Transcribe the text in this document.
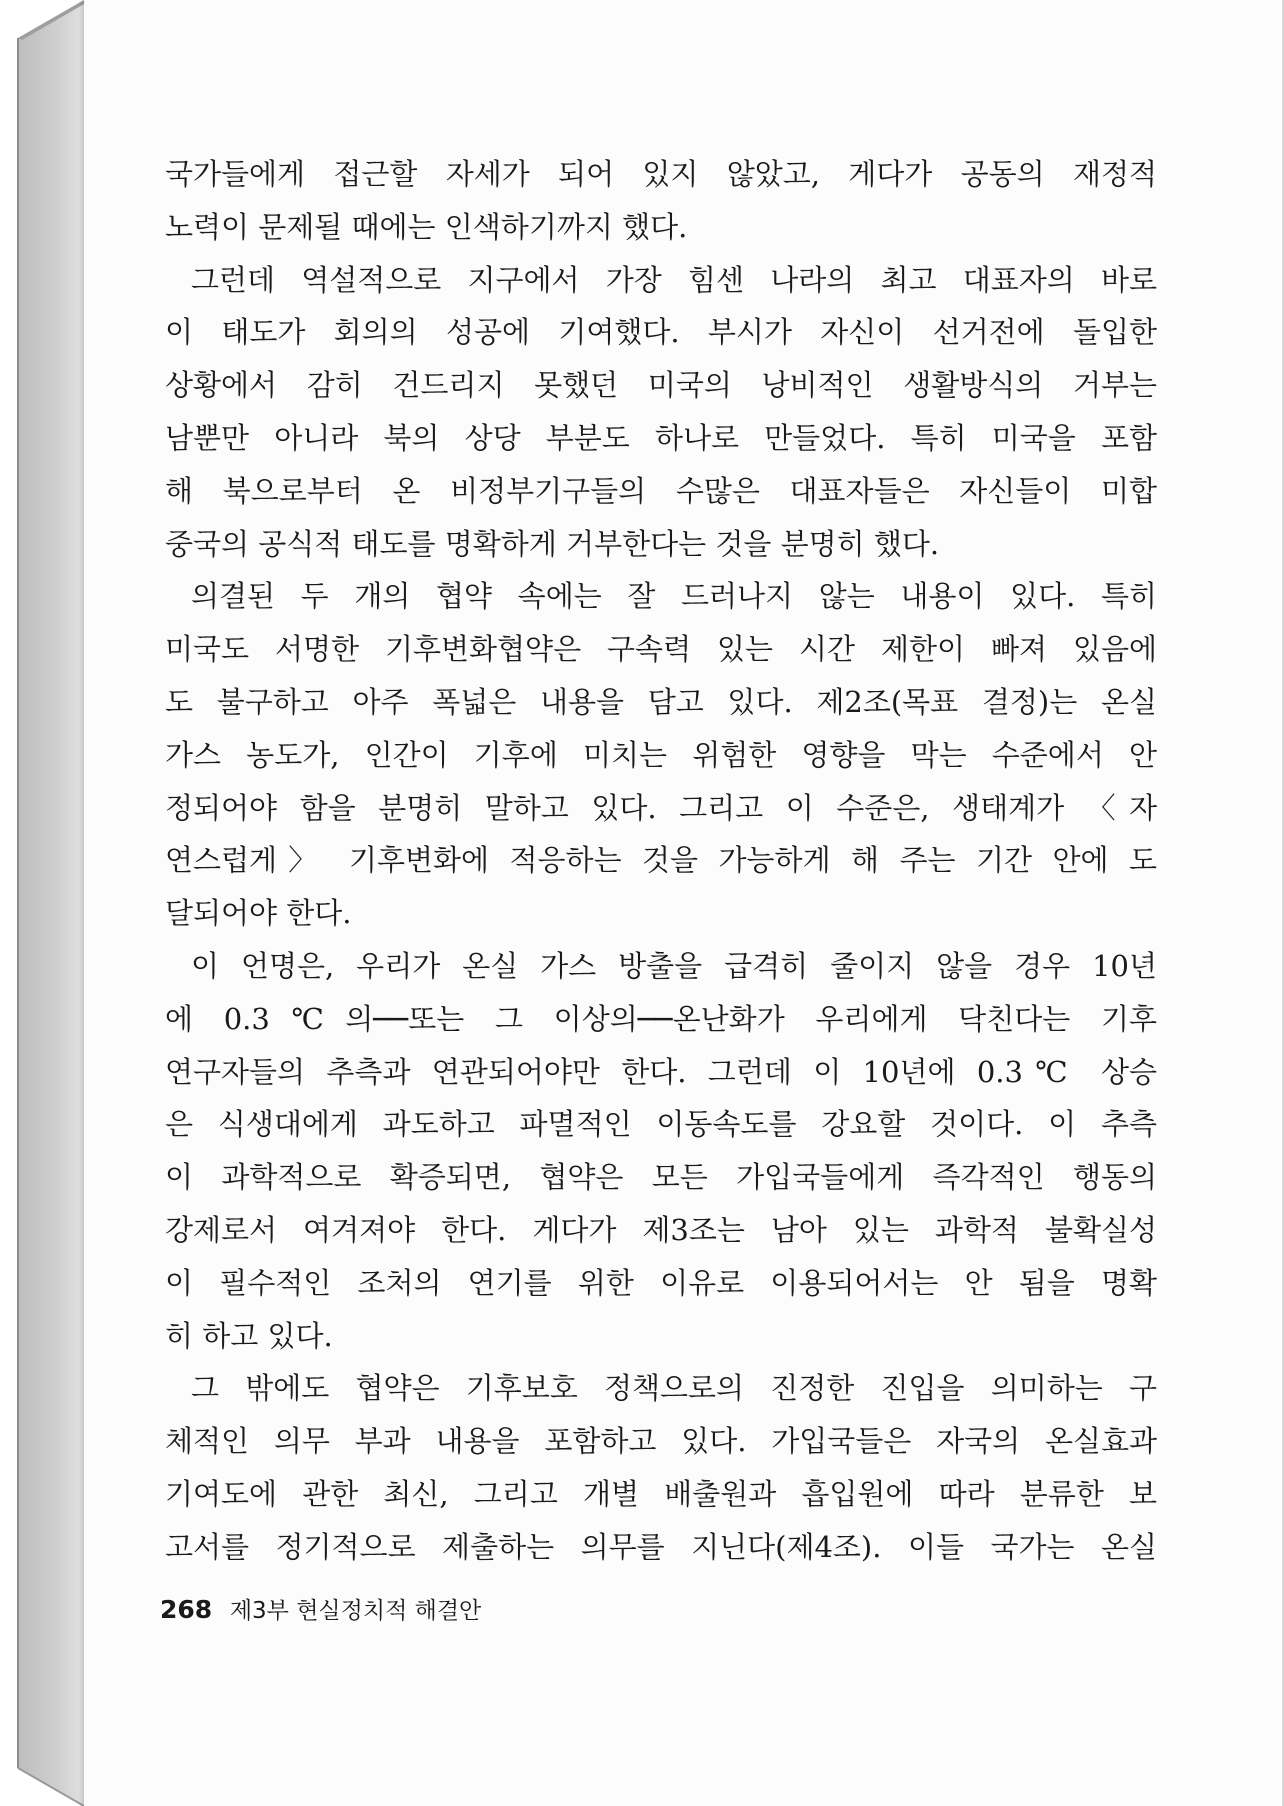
국가들에게 접근할 자세가 되어 있지 않았고, 게다가 공동의 재정적
노력이 문제될 때에는 인색하기까지 했다.
그런데 역설적으로 지구에서 가장 힘센 나라의 최고 대표자의 바로
이 태도가 회의의 성공에 기여했다. 부시가 자신이 선거전에 돌입한
상황에서 감히 건드리지 못했던 미국의 낭비적인 생활방식의 거부는
남뿐만 아니라 북의 상당 부분도 하나로 만들었다. 특히 미국을 포함
해 북으로부터 온 비정부기구들의 수많은 대표자들은 자신들이 미합
중국의 공식적 태도를 명확하게 거부한다는 것을 분명히 했다.
의결된 두 개의 협약 속에는 잘 드러나지 않는 내용이 있다. 특히
미국도 서명한 기후변화협약은 구속력 있는 시간 제한이 빠져 있음에
도 불구하고 아주 폭넓은 내용을 담고 있다. 제2조(목표 결정)는 온실
가스 농도가, 인간이 기후에 미치는 위험한 영향을 막는 수준에서 안
정되어야 함을 분명히 말하고 있다. 그리고 이 수준은, 생태계가 〈자
연스럽게〉 기후변화에 적응하는 것을 가능하게 해 주는 기간 안에 도
달되어야 한다.
이 언명은, 우리가 온실 가스 방출을 급격히 줄이지 않을 경우 10년
에 0.3℃의──또는 그 이상의──온난화가 우리에게 닥친다는 기후
연구자들의 추측과 연관되어야만 한다. 그런데 이 10년에 0.3℃ 상승
은 식생대에게 과도하고 파멸적인 이동속도를 강요할 것이다. 이 추측
이 과학적으로 확증되면, 협약은 모든 가입국들에게 즉각적인 행동의
강제로서 여겨져야 한다. 게다가 제3조는 남아 있는 과학적 불확실성
이 필수적인 조처의 연기를 위한 이유로 이용되어서는 안 됨을 명확
히 하고 있다.
그 밖에도 협약은 기후보호 정책으로의 진정한 진입을 의미하는 구
체적인 의무 부과 내용을 포함하고 있다. 가입국들은 자국의 온실효과
기여도에 관한 최신, 그리고 개별 배출원과 흡입원에 따라 분류한 보
고서를 정기적으로 제출하는 의무를 지닌다(제4조). 이들 국가는 온실
268 제3부 현실정치적 해결안
